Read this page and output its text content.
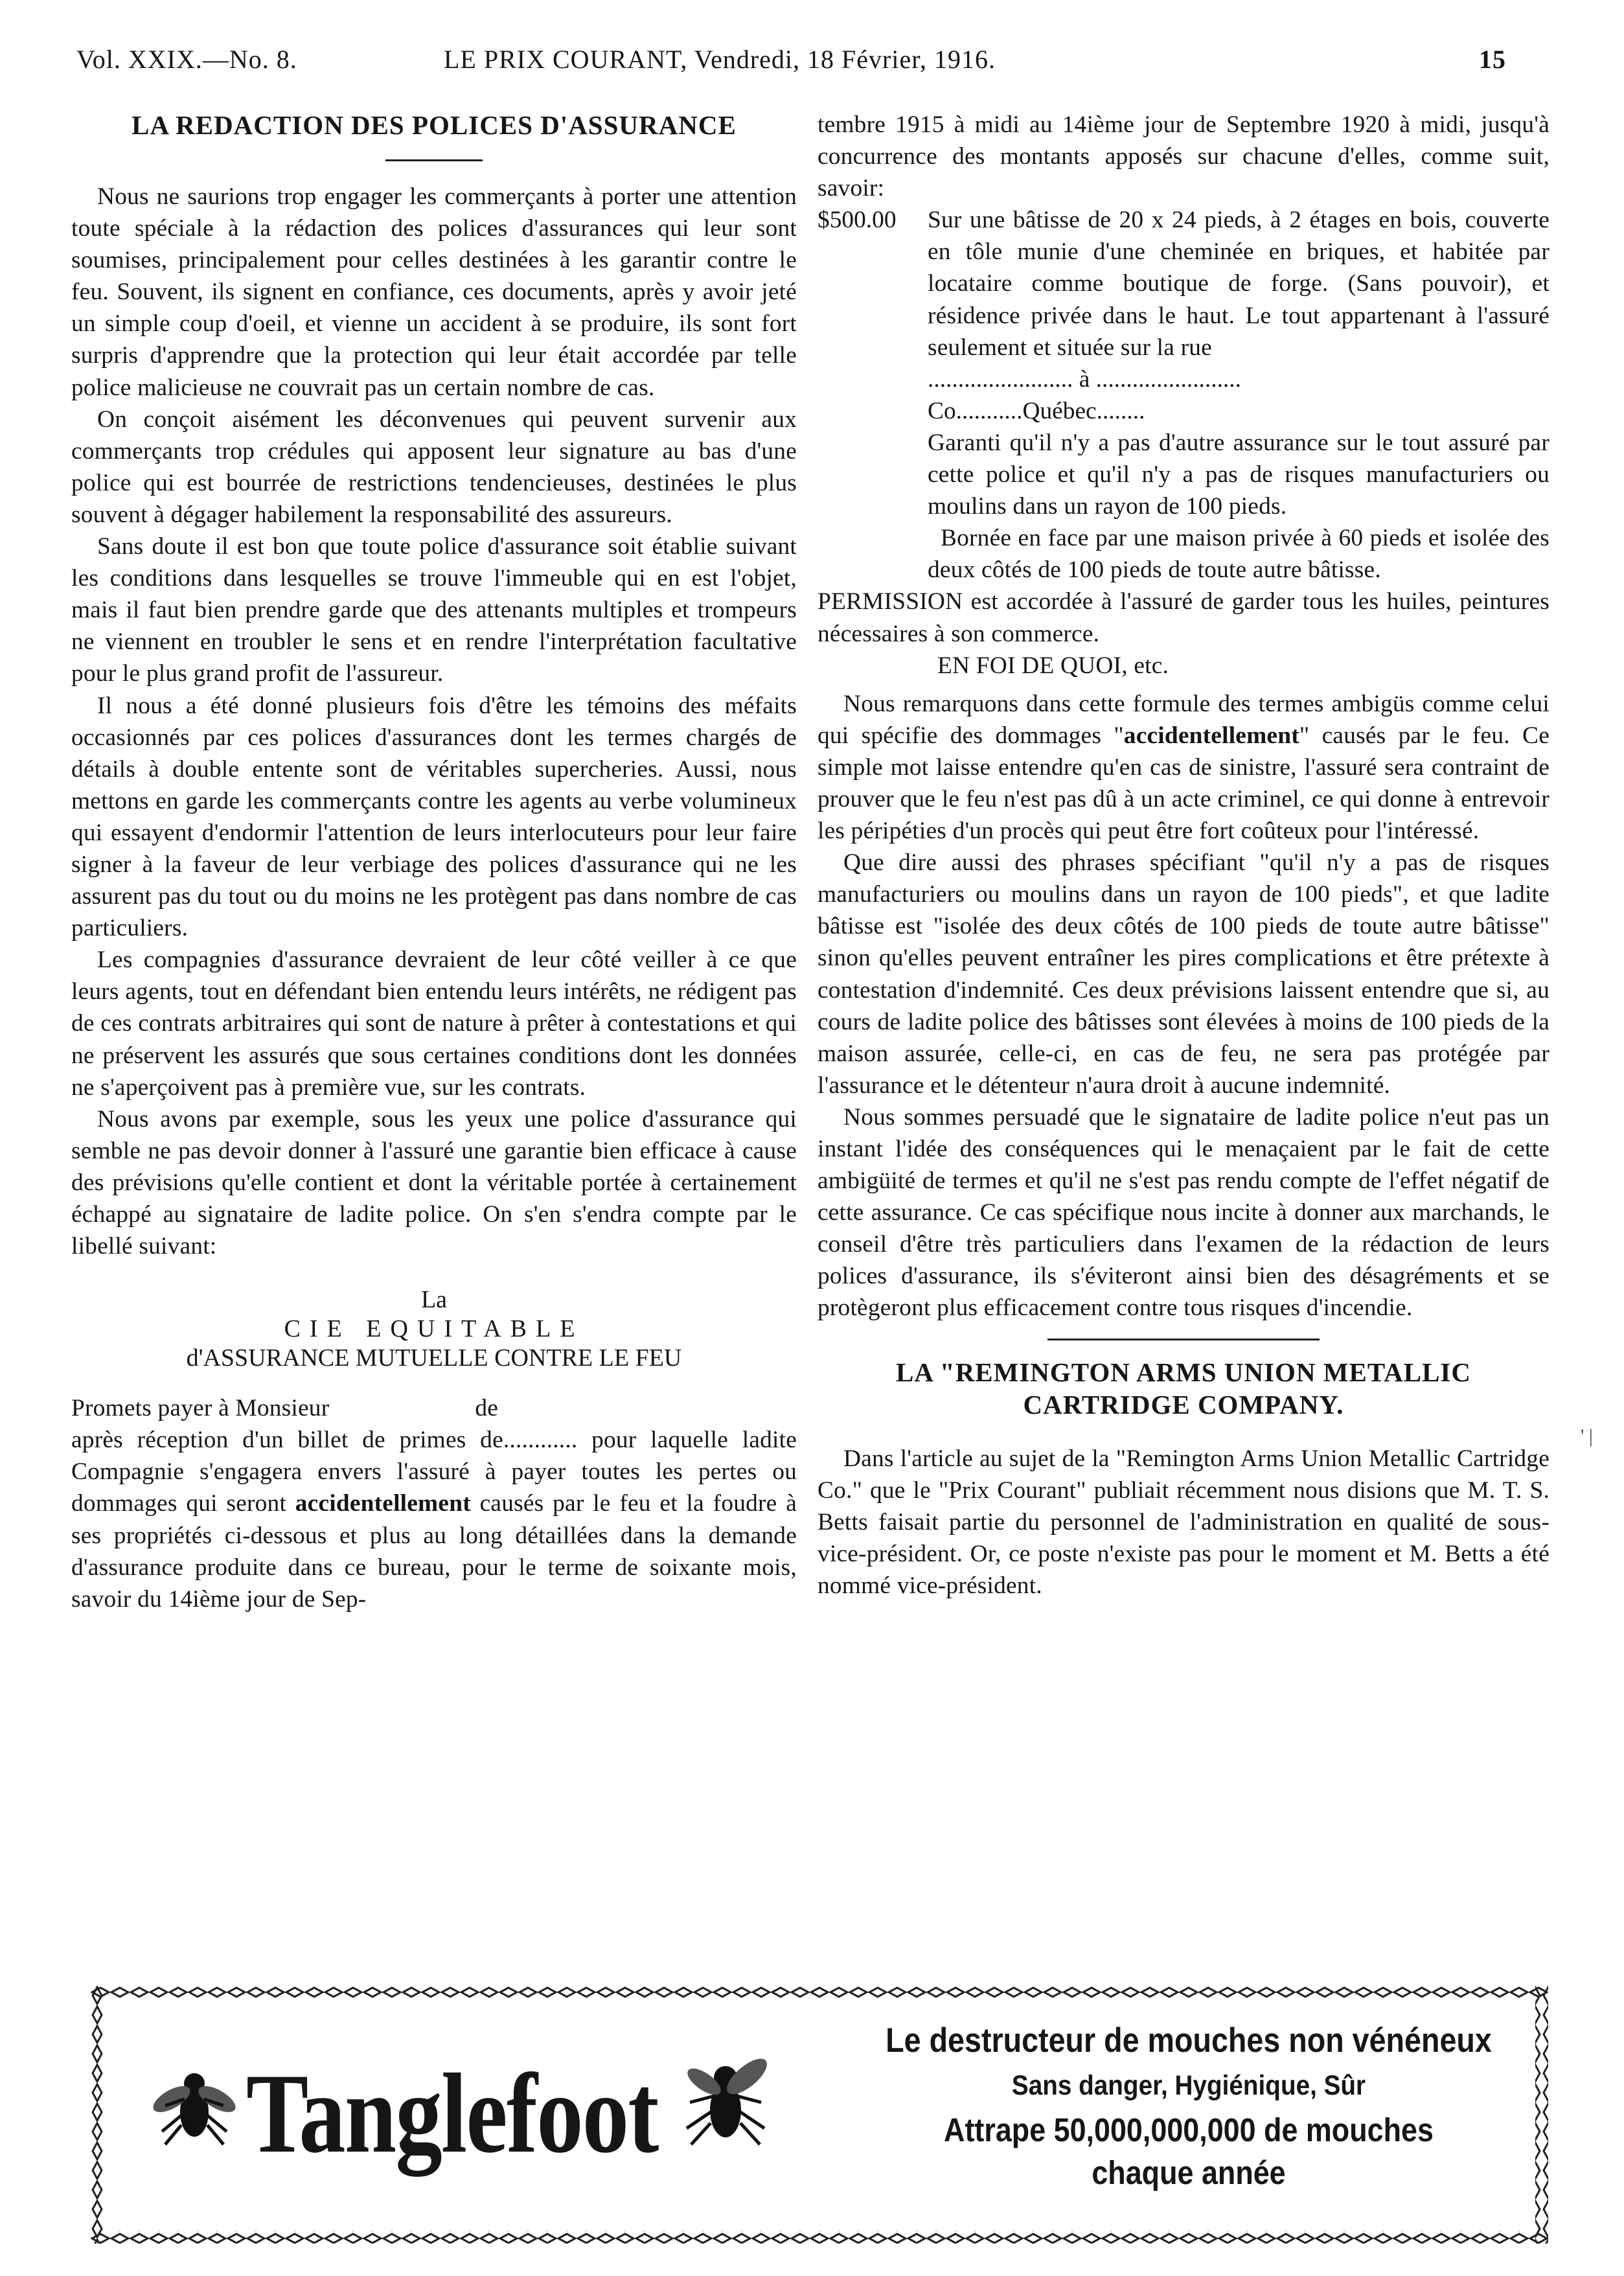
Vol. XXIX.—No. 8.	LE PRIX COURANT, Vendredi, 18 Février, 1916.	15
LA REDACTION DES POLICES D'ASSURANCE

Nous ne saurions trop engager les commerçants à porter une attention toute spéciale à la rédaction des polices d'assurances qui leur sont soumises, principalement pour celles destinées à les garantir contre le feu. Souvent, ils signent en confiance, ces documents, après y avoir jeté un simple coup d'oeil, et vienne un accident à se produire, ils sont fort surpris d'apprendre que la protection qui leur était accordée par telle police malicieuse ne couvrait pas un certain nombre de cas.

On conçoit aisément les déconvenues qui peuvent survenir aux commerçants trop crédules qui apposent leur signature au bas d'une police qui est bourrée de restrictions tendencieuses, destinées le plus souvent à dégager habilement la responsabilité des assureurs.

Sans doute il est bon que toute police d'assurance soit établie suivant les conditions dans lesquelles se trouve l'immeuble qui en est l'objet, mais il faut bien prendre garde que des attenants multiples et trompeurs ne viennent en troubler le sens et en rendre l'interprétation facultative pour le plus grand profit de l'assureur.

Il nous a été donné plusieurs fois d'être les témoins des méfaits occasionnés par ces polices d'assurances dont les termes chargés de détails à double entente sont de véritables supercheries. Aussi, nous mettons en garde les commerçants contre les agents au verbe volumineux qui essayent d'endormir l'attention de leurs interlocuteurs pour leur faire signer à la faveur de leur verbiage des polices d'assurance qui ne les assurent pas du tout ou du moins ne les protègent pas dans nombre de cas particuliers.

Les compagnies d'assurance devraient de leur côté veiller à ce que leurs agents, tout en défendant bien entendu leurs intérêts, ne rédigent pas de ces contrats arbitraires qui sont de nature à prêter à contestations et qui ne préservent les assurés que sous certaines conditions dont les données ne s'aperçoivent pas à première vue, sur les contrats.

Nous avons par exemple, sous les yeux une police d'assurance qui semble ne pas devoir donner à l'assuré une garantie bien efficace à cause des prévisions qu'elle contient et dont la véritable portée à certainement échappé au signataire de ladite police. On s'en s'endra compte par le libellé suivant:

La

CIE EQUITABLE

d'ASSURANCE MUTUELLE CONTRE LE FEU

Promets payer à Monsieur	de

après réception d'un billet de primes de............ pour laquelle ladite Compagnie s'engagera envers l'assuré à payer toutes les pertes ou dommages qui seront accidentellement causés par le feu et la foudre à ses propriétés ci-dessous et plus au long détaillées dans la demande d'assurance produite dans ce bureau, pour le terme de soixante mois, savoir du 14ième jour de Sep-

tembre 1915 à midi au 14ième jour de Septembre 1920 à midi, jusqu'à concurrence des montants apposés sur chacune d'elles, comme suit, savoir:

$500.00	Sur une bâtisse de 20 x 24 pieds, à 2 étages en bois, couverte en tôle munie d'une cheminée en briques, et habitée par locataire comme boutique de forge. (Sans pouvoir), et résidence privée dans le haut. Le tout appartenant à l'assuré seulement et située sur la rue

........................ à ........................
Co...........Québec........

Garanti qu'il n'y a pas d'autre assurance sur le tout assuré par cette police et qu'il n'y a pas de risques manufacturiers ou moulins dans un rayon de 100 pieds.

Bornée en face par une maison privée à 60 pieds et isolée des deux côtés de 100 pieds de toute autre bâtisse.

PERMISSION est accordée à l'assuré de garder tous les huiles, peintures nécessaires à son commerce.

EN FOI DE QUOI, etc.

Nous remarquons dans cette formule des termes ambigüs comme celui qui spécifie des dommages "accidentellement" causés par le feu. Ce simple mot laisse entendre qu'en cas de sinistre, l'assuré sera contraint de prouver que le feu n'est pas dû à un acte criminel, ce qui donne à entrevoir les péripéties d'un procès qui peut être fort coûteux pour l'intéressé.

Que dire aussi des phrases spécifiant "qu'il n'y a pas de risques manufacturiers ou moulins dans un rayon de 100 pieds", et que ladite bâtisse est "isolée des deux côtés de 100 pieds de toute autre bâtisse" sinon qu'elles peuvent entraîner les pires complications et être prétexte à contestation d'indemnité. Ces deux prévisions laissent entendre que si, au cours de ladite police des bâtisses sont élevées à moins de 100 pieds de la maison assurée, celle-ci, en cas de feu, ne sera pas protégée par l'assurance et le détenteur n'aura droit à aucune indemnité.

Nous sommes persuadé que le signataire de ladite police n'eut pas un instant l'idée des conséquences qui le menaçaient par le fait de cette ambigüité de termes et qu'il ne s'est pas rendu compte de l'effet négatif de cette assurance. Ce cas spécifique nous incite à donner aux marchands, le conseil d'être très particuliers dans l'examen de la rédaction de leurs polices d'assurance, ils s'éviteront ainsi bien des désagréments et se protègeront plus efficacement contre tous risques d'incendie.

LA "REMINGTON ARMS UNION METALLIC
CARTRIDGE COMPANY.

Dans l'article au sujet de la "Remington Arms Union Metallic Cartridge Co." que le "Prix Courant" publiait récemment nous disions que M. T. S. Betts faisait partie du personnel de l'administration en qualité de sous-vice-président. Or, ce poste n'existe pas pour le moment et M. Betts a été nommé vice-président.

' |
Tanglefoot
Le destructeur de mouches non vénéneux
Sans danger, Hygiénique, Sûr
Attrape 50,000,000,000 de mouches
chaque année
